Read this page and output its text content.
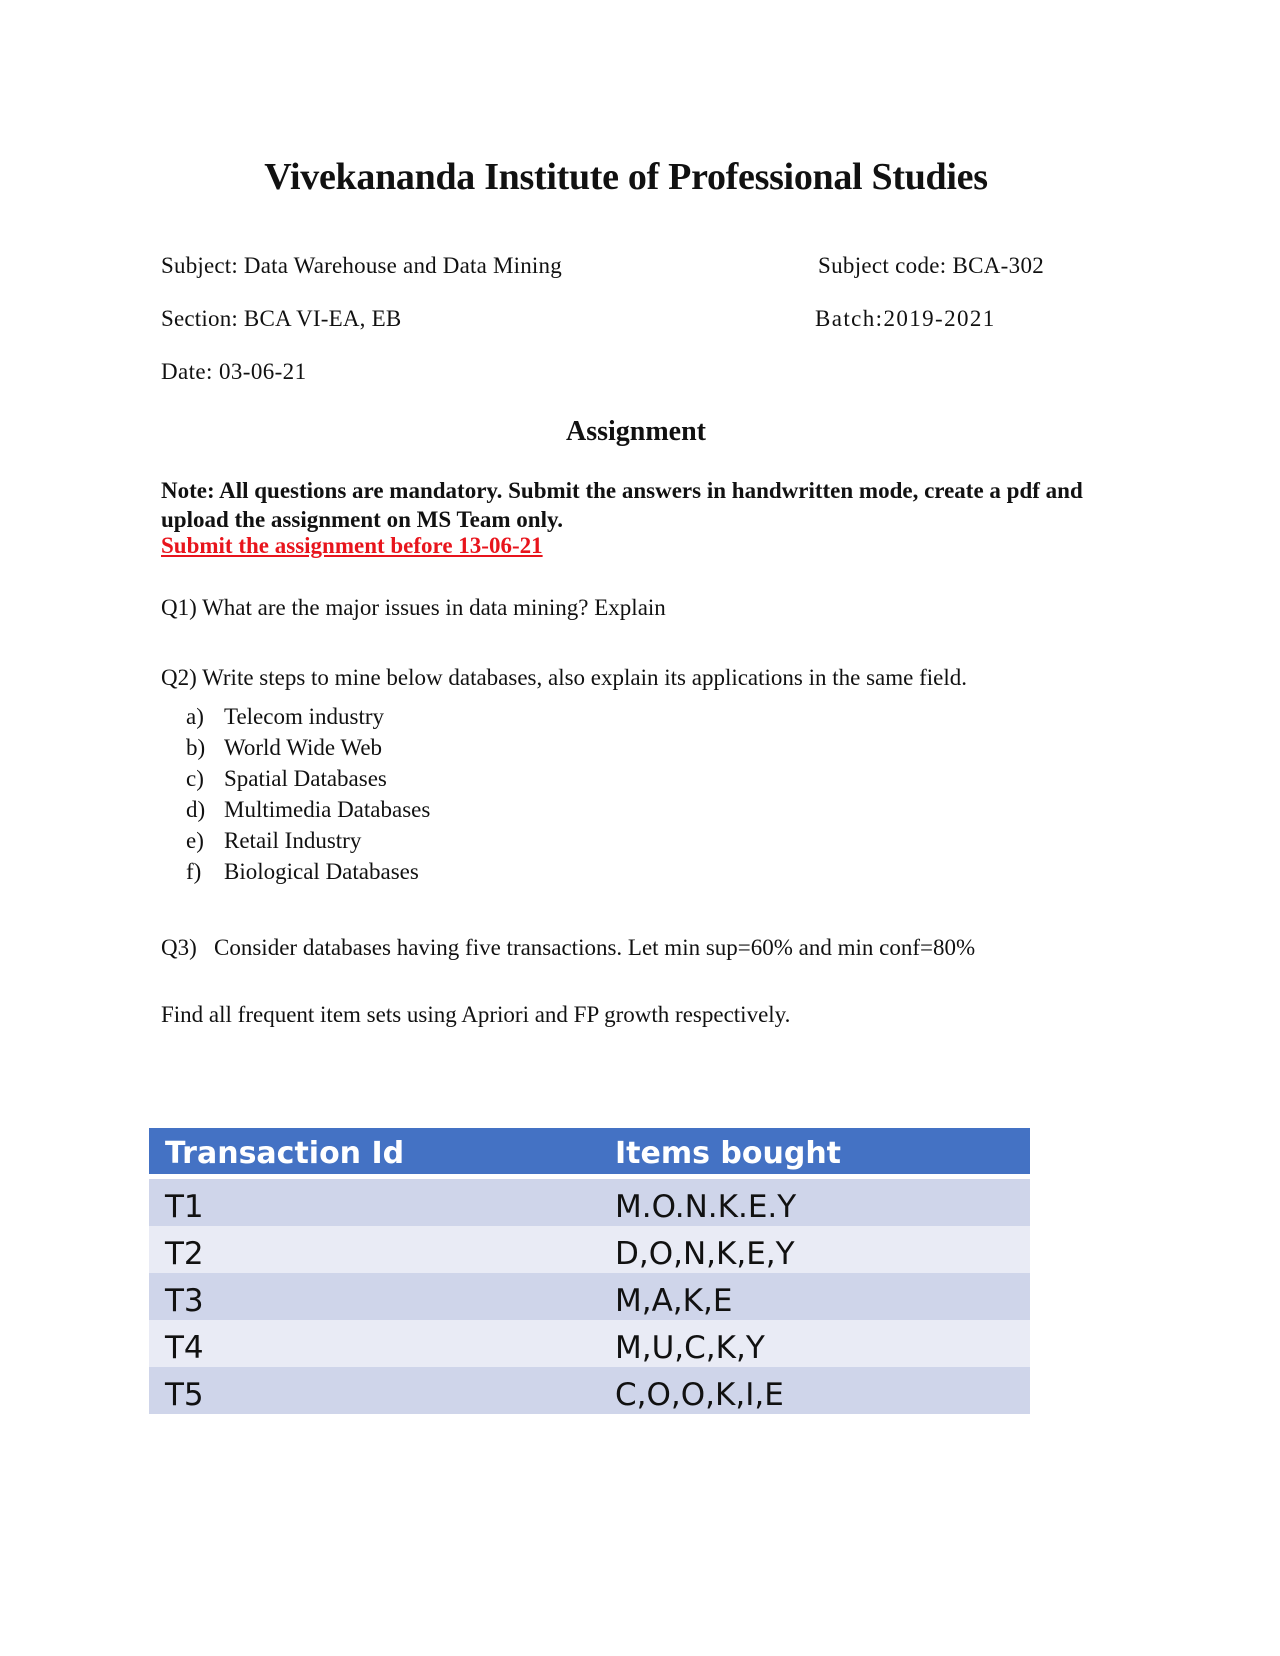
Vivekananda Institute of Professional Studies
Subject: Data Warehouse and Data Mining	Subject code: BCA-302
Section: BCA VI-EA, EB	Batch:2019-2021
Date: 03-06-21
Assignment
Note: All questions are mandatory. Submit the answers in handwritten mode, create a pdf and upload the assignment on MS Team only.
Submit the assignment before 13-06-21
Q1) What are the major issues in data mining? Explain
Q2) Write steps to mine below databases, also explain its applications in the same field.
a) Telecom industry
b) World Wide Web
c) Spatial Databases
d) Multimedia Databases
e) Retail Industry
f) Biological Databases
Q3)   Consider databases having five transactions. Let min sup=60% and min conf=80%
Find all frequent item sets using Apriori and FP growth respectively.
Transaction Id	Items bought
T1	M.O.N.K.E.Y
T2	D,O,N,K,E,Y
T3	M,A,K,E
T4	M,U,C,K,Y
T5	C,O,O,K,I,E
